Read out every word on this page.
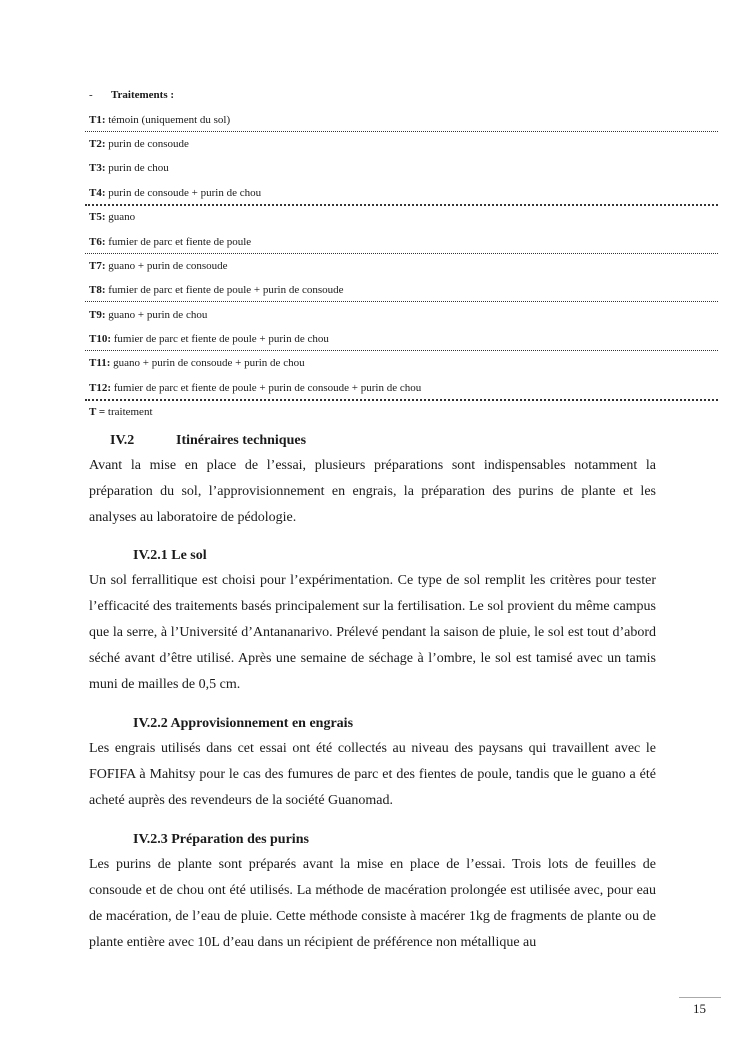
- Traitements :
T1: témoin (uniquement du sol)
T2: purin de consoude
T3: purin de chou
T4: purin de consoude + purin de chou
T5: guano
T6: fumier de parc et fiente de poule
T7: guano + purin de consoude
T8: fumier de parc et fiente de poule + purin de consoude
T9: guano + purin de chou
T10: fumier de parc et fiente de poule + purin de chou
T11: guano + purin de consoude + purin de chou
T12: fumier de parc et fiente de poule + purin de consoude + purin de chou
T = traitement
IV.2	Itinéraires techniques
Avant la mise en place de l’essai, plusieurs préparations sont indispensables notamment la préparation du sol, l’approvisionnement en engrais, la préparation des purins de plante et les analyses au laboratoire de pédologie.
IV.2.1 Le sol
Un sol ferrallitique est choisi pour l’expérimentation. Ce type de sol remplit les critères pour tester l’efficacité des traitements basés principalement sur la fertilisation. Le sol provient du même campus que la serre, à l’Université d’Antananarivo. Prélevé pendant la saison de pluie, le sol est tout d’abord séché avant d’être utilisé. Après une semaine de séchage à l’ombre, le sol est tamisé avec un tamis muni de mailles de 0,5 cm.
IV.2.2 Approvisionnement en engrais
Les engrais utilisés dans cet essai ont été collectés au niveau des paysans qui travaillent avec le FOFIFA à Mahitsy pour le cas des fumures de parc et des fientes de poule, tandis que le guano a été acheté auprès des revendeurs de la société Guanomad.
IV.2.3 Préparation des purins
Les purins de plante sont préparés avant la mise en place de l’essai. Trois lots de feuilles de consoude et de chou ont été utilisés. La méthode de macération prolongée est utilisée avec, pour eau de macération, de l’eau de pluie. Cette méthode consiste à macérer 1kg de fragments de plante ou de plante entière avec 10L d’eau dans un récipient de préférence non métallique au
15
